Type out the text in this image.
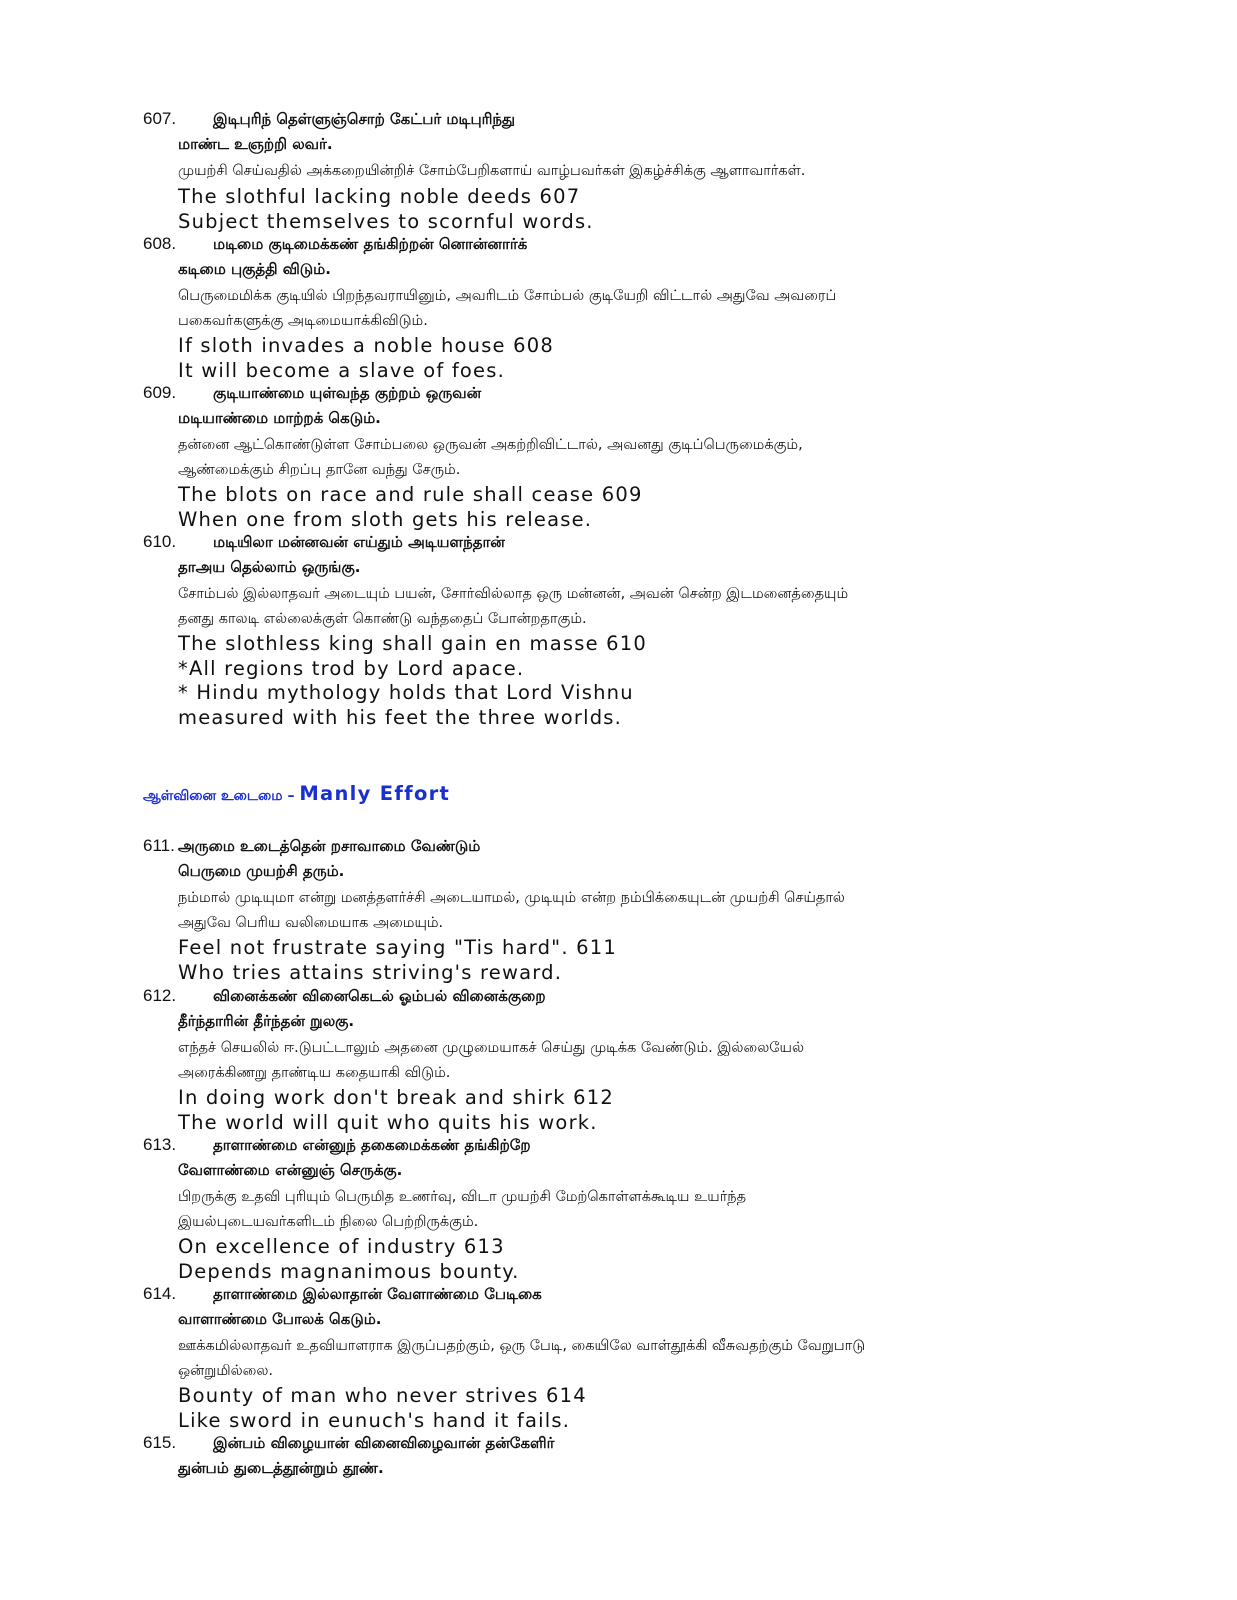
607. இடிபுரிந் தெள்ளுஞ்சொற் கேட்பர் மடிபுரிந்து
மாண்ட உஞற்றி லவர்.
முயற்சி செய்வதில் அக்கறையின்றிச் சோம்பேறிகளாய் வாழ்பவர்கள் இகழ்ச்சிக்கு ஆளாவார்கள்.
The slothful lacking noble deeds 607
Subject themselves to scornful words.
608. மடிமை குடிமைக்கண் தங்கிற்றன் னொன்னார்க்
கடிமை புகுத்தி விடும்.
பெருமைமிக்க குடியில் பிறந்தவராயினும், அவரிடம் சோம்பல் குடியேறி விட்டால் அதுவே அவரைப்
பகைவர்களுக்கு அடிமையாக்கிவிடும்.
If sloth invades a noble house 608
It will become a slave of foes.
609. குடியாண்மை யுள்வந்த குற்றம் ஒருவன்
மடியாண்மை மாற்றக் கெடும்.
தன்னை ஆட்கொண்டுள்ள சோம்பலை ஒருவன் அகற்றிவிட்டால், அவனது குடிப்பெருமைக்கும்,
ஆண்மைக்கும் சிறப்பு தானே வந்து சேரும்.
The blots on race and rule shall cease 609
When one from sloth gets his release.
610. மடியிலா மன்னவன் எய்தும் அடியளந்தான்
தாஅய தெல்லாம் ஒருங்கு.
சோம்பல் இல்லாதவர் அடையும் பயன், சோர்வில்லாத ஒரு மன்னன், அவன் சென்ற இடமனைத்தையும்
தனது காலடி எல்லைக்குள் கொண்டு வந்ததைப் போன்றதாகும்.
The slothless king shall gain en masse 610
*All regions trod by Lord apace.
* Hindu mythology holds that Lord Vishnu
measured with his feet the three worlds.
ஆள்வினை உடைமை – Manly Effort
611. அருமை உடைத்தென் றசாவாமை வேண்டும்
பெருமை முயற்சி தரும்.
நம்மால் முடியுமா என்று மனத்தளர்ச்சி அடையாமல், முடியும் என்ற நம்பிக்கையுடன் முயற்சி செய்தால்
அதுவே பெரிய வலிமையாக அமையும்.
Feel not frustrate saying "Tis hard". 611
Who tries attains striving's reward.
612. வினைக்கண் வினைகெடல் ஓம்பல் வினைக்குறை
தீர்ந்தாரின் தீர்ந்தன் றுலகு.
எந்தச் செயலில் ஈ.டுபட்டாலும் அதனை முழுமையாகச் செய்து முடிக்க வேண்டும். இல்லையேல்
அரைக்கிணறு தாண்டிய கதையாகி விடும்.
In doing work don't break and shirk 612
The world will quit who quits his work.
613. தாளாண்மை என்னுந் தகைமைக்கண் தங்கிற்றே
வேளாண்மை என்னுஞ் செருக்கு.
பிறருக்கு உதவி புரியும் பெருமித உணர்வு, விடா முயற்சி மேற்கொள்ளக்கூடிய உயர்ந்த
இயல்புடையவர்களிடம் நிலை பெற்றிருக்கும்.
On excellence of industry 613
Depends magnanimous bounty.
614. தாளாண்மை இல்லாதான் வேளாண்மை பேடிகை
வாளாண்மை போலக் கெடும்.
ஊக்கமில்லாதவர் உதவியாளராக இருப்பதற்கும், ஒரு பேடி, கையிலே வாள்தூக்கி வீசுவதற்கும் வேறுபாடு
ஒன்றுமில்லை.
Bounty of man who never strives 614
Like sword in eunuch's hand it fails.
615. இன்பம் விழையான் வினைவிழைவான் தன்கேளிர்
துன்பம் துடைத்தூன்றும் தூண்.
